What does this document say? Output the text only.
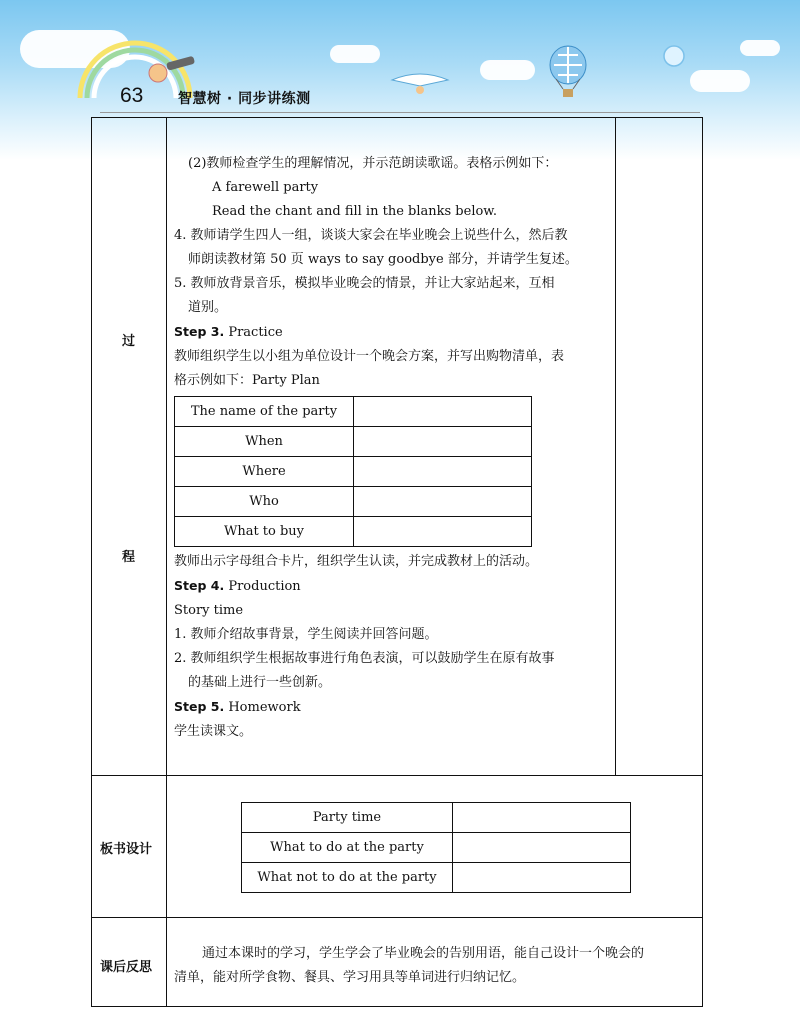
63 智慧树 · 同步讲练测
过
程

(2)教师检查学生的理解情况，并示范朗读歌谣。表格示例如下：

A farewell party

Read the chant and fill in the blanks below.

4. 教师请学生四人一组，谈谈大家会在毕业晚会上说些什么，然后教

师朗读教材第 50 页 ways to say goodbye 部分，并请学生复述。

5. 教师放背景音乐，模拟毕业晚会的情景，并让大家站起来，互相

道别。

Step 3. Practice

教师组织学生以小组为单位设计一个晚会方案，并写出购物清单，表

格示例如下：Party Plan

The name of the party	
When	
Where	
Who	
What to buy	

教师出示字母组合卡片，组织学生认读，并完成教材上的活动。

Step 4. Production

Story time

1. 教师介绍故事背景，学生阅读并回答问题。

2. 教师组织学生根据故事进行角色表演，可以鼓励学生在原有故事

的基础上进行一些创新。

Step 5. Homework

学生读课文。

板书设计
Party time	
What to do at the party	
What not to do at the party	
课后反思

通过本课时的学习，学生学会了毕业晚会的告别用语，能自己设计一个晚会的

清单，能对所学食物、餐具、学习用具等单词进行归纳记忆。
